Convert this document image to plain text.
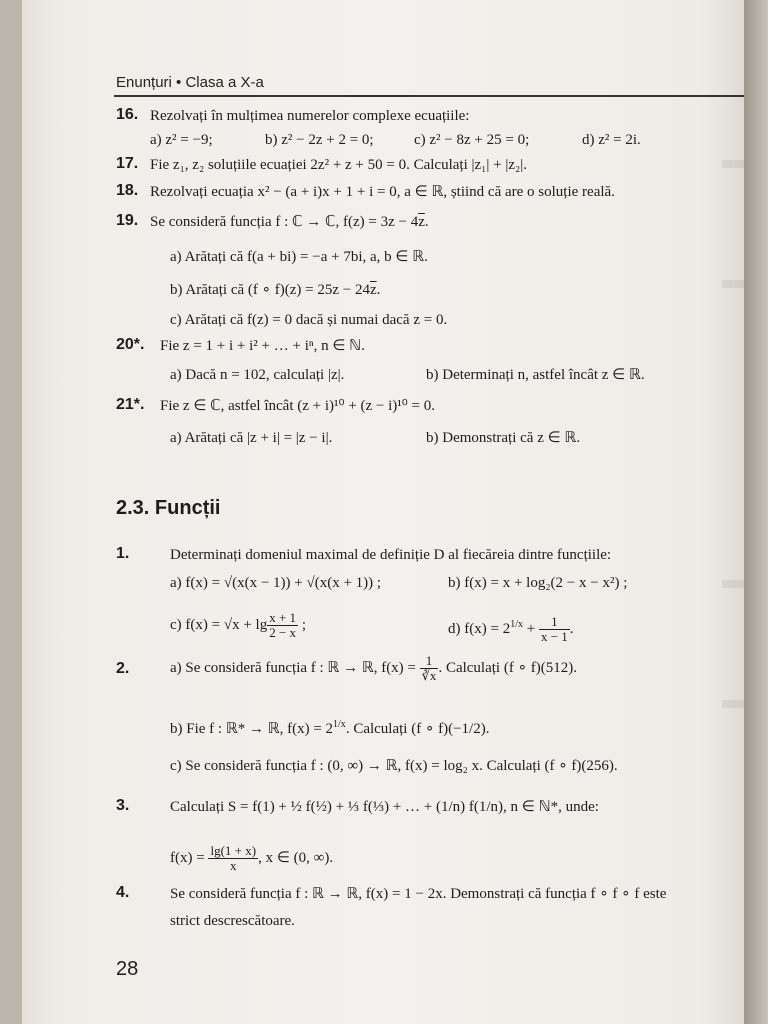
Enunțuri • Clasa a X-a
16. Rezolvați în mulțimea numerelor complexe ecuațiile:
a) z² = −9;	b) z² − 2z + 2 = 0;	c) z² − 8z + 25 = 0;	d) z² = 2i.
17. Fie z₁, z₂ soluțiile ecuației 2z² + z + 50 = 0. Calculați |z₁| + |z₂|.
18. Rezolvați ecuația x² − (a + i)x + 1 + i = 0, a ∈ ℝ, știind că are o soluție reală.
19. Se consideră funcția f : ℂ → ℂ, $f(z) = 3z - 4\overline{z}$.
a) Arătați că f(a + bi) = −a + 7bi, a, b ∈ ℝ.
b) Arătați că (f ∘ $f)(z) = 25z - 24\overline{z}$.
c) Arătați că f(z) = 0 dacă și numai dacă z = 0.
20*. Fie z = 1 + i + i² + … + iⁿ, n ∈ ℕ.
a) Dacă n = 102, calculați |z|.	b) Determinați n, astfel încât z ∈ ℝ.
21*. Fie z ∈ ℂ, astfel încât (z + i)¹⁰ + (z − i)¹⁰ = 0.
a) Arătați că |z + i| = |z − i|.	b) Demonstrați că z ∈ ℝ.
2.3. Funcții
1.	Determinați domeniul maximal de definiție D al fiecăreia dintre funcțiile:
a) f(x) = √(x(x − 1)) + √(x(x + 1)) ;	b) f(x) = x + log₂(2 − x − x²) ;
c) $f(x) = √x + \lg \frac{x + 1}{2 - x}$ ;	d) $f(x) = 2^{1/x} + \frac{1}{x - 1}$ .
2.	a) Se consideră funcția f : ℝ → ℝ, $f(x) = \frac{1}{∛x}$ . Calculați (f ∘ f)(512).
b) Fie f : ℝ* → ℝ, $f(x) = 2^{1/x}$. Calculați (f ∘ f)(−1/2).
c) Se consideră funcția f : (0, ∞) → ℝ, f(x) = log₂ x. Calculați (f ∘ f)(256).
3.	Calculați S = f(1) + ½ f(½) + ⅓ f(⅓) + … + (1/n) f(1/n), n ∈ ℕ*, unde:
$f(x) = \frac{\lg(1 + x)}{x}$ , x ∈ (0, ∞).
4.	Se consideră funcția f : ℝ → ℝ, f(x) = 1 − 2x. Demonstrați că funcția f ∘ f ∘ f este
strict descrescătoare.
28
